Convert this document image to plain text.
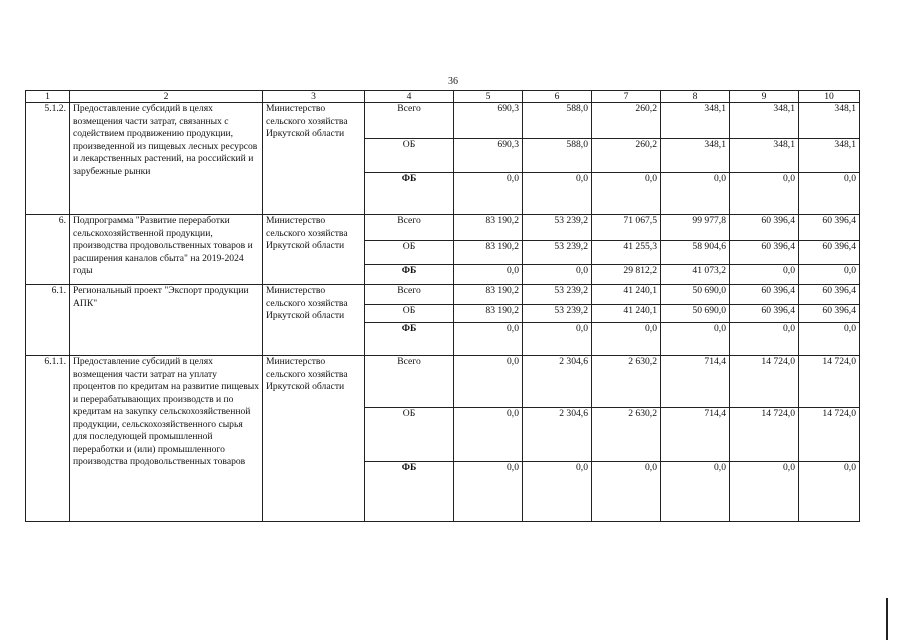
36
1	2	3	4	5	6	7	8	9	10
5.1.2.	Предоставление субсидий в целях возмещения части затрат, связанных с содействием продвижению продукции, произведенной из пищевых лесных ресурсов и лекарственных растений, на российский и зарубежные рынки	Министерство сельского хозяйства Иркутской области	Всего	690,3	588,0	260,2	348,1	348,1	348,1
			ОБ	690,3	588,0	260,2	348,1	348,1	348,1
			ФБ	0,0	0,0	0,0	0,0	0,0	0,0
6.	Подпрограмма "Развитие переработки сельскохозяйственной продукции, производства продовольственных товаров и расширения каналов сбыта" на 2019-2024 годы	Министерство сельского хозяйства Иркутской области	Всего	83 190,2	53 239,2	71 067,5	99 977,8	60 396,4	60 396,4
			ОБ	83 190,2	53 239,2	41 255,3	58 904,6	60 396,4	60 396,4
			ФБ	0,0	0,0	29 812,2	41 073,2	0,0	0,0
6.1.	Региональный проект "Экспорт продукции АПК"	Министерство сельского хозяйства Иркутской области	Всего	83 190,2	53 239,2	41 240,1	50 690,0	60 396,4	60 396,4
			ОБ	83 190,2	53 239,2	41 240,1	50 690,0	60 396,4	60 396,4
			ФБ	0,0	0,0	0,0	0,0	0,0	0,0
6.1.1.	Предоставление субсидий в целях возмещения части затрат на уплату процентов по кредитам на развитие пищевых и перерабатывающих производств и по кредитам на закупку сельскохозяйственной продукции, сельскохозяйственного сырья для последующей промышленной переработки и (или) промышленного производства продовольственных товаров	Министерство сельского хозяйства Иркутской области	Всего	0,0	2 304,6	2 630,2	714,4	14 724,0	14 724,0
			ОБ	0,0	2 304,6	2 630,2	714,4	14 724,0	14 724,0
			ФБ	0,0	0,0	0,0	0,0	0,0	0,0
